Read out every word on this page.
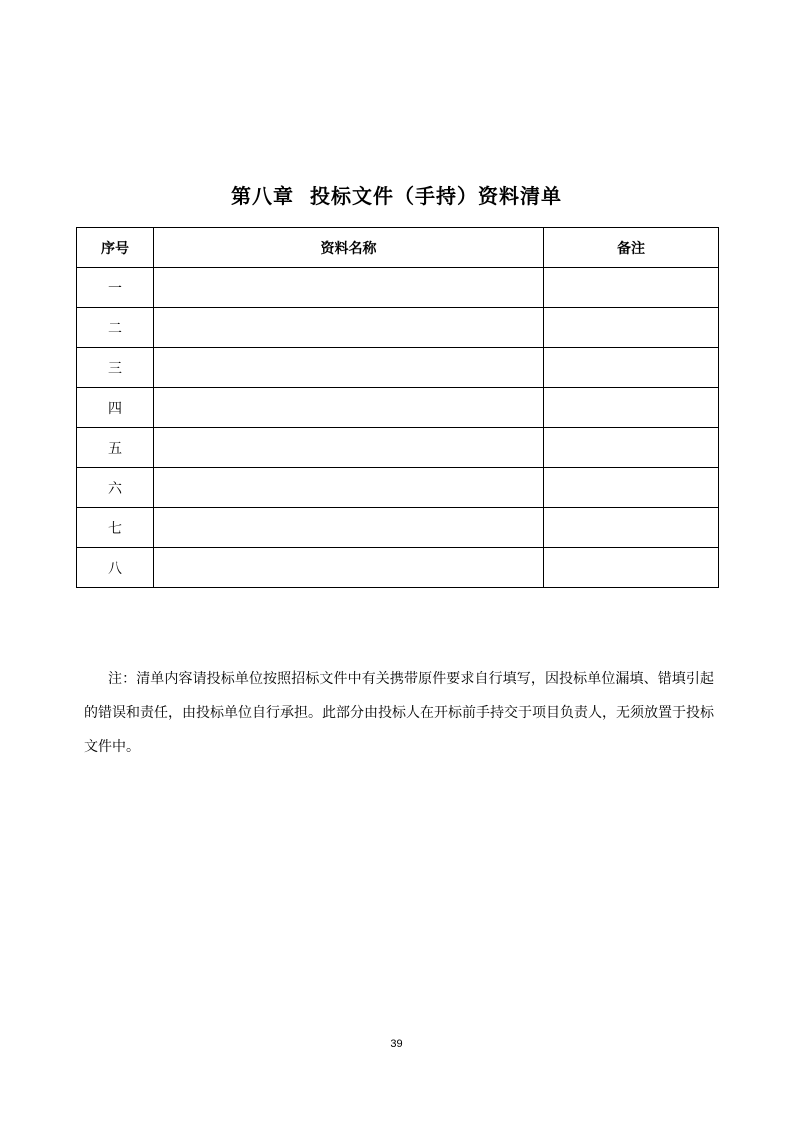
第八章  投标文件（手持）资料清单
序号	资料名称	备注
一		
二		
三		
四		
五		
六		
七		
八		

注：清单内容请投标单位按照招标文件中有关携带原件要求自行填写，因投标单位漏填、错填引起的错误和责任，由投标单位自行承担。此部分由投标人在开标前手持交于项目负责人，无须放置于投标文件中。

39
